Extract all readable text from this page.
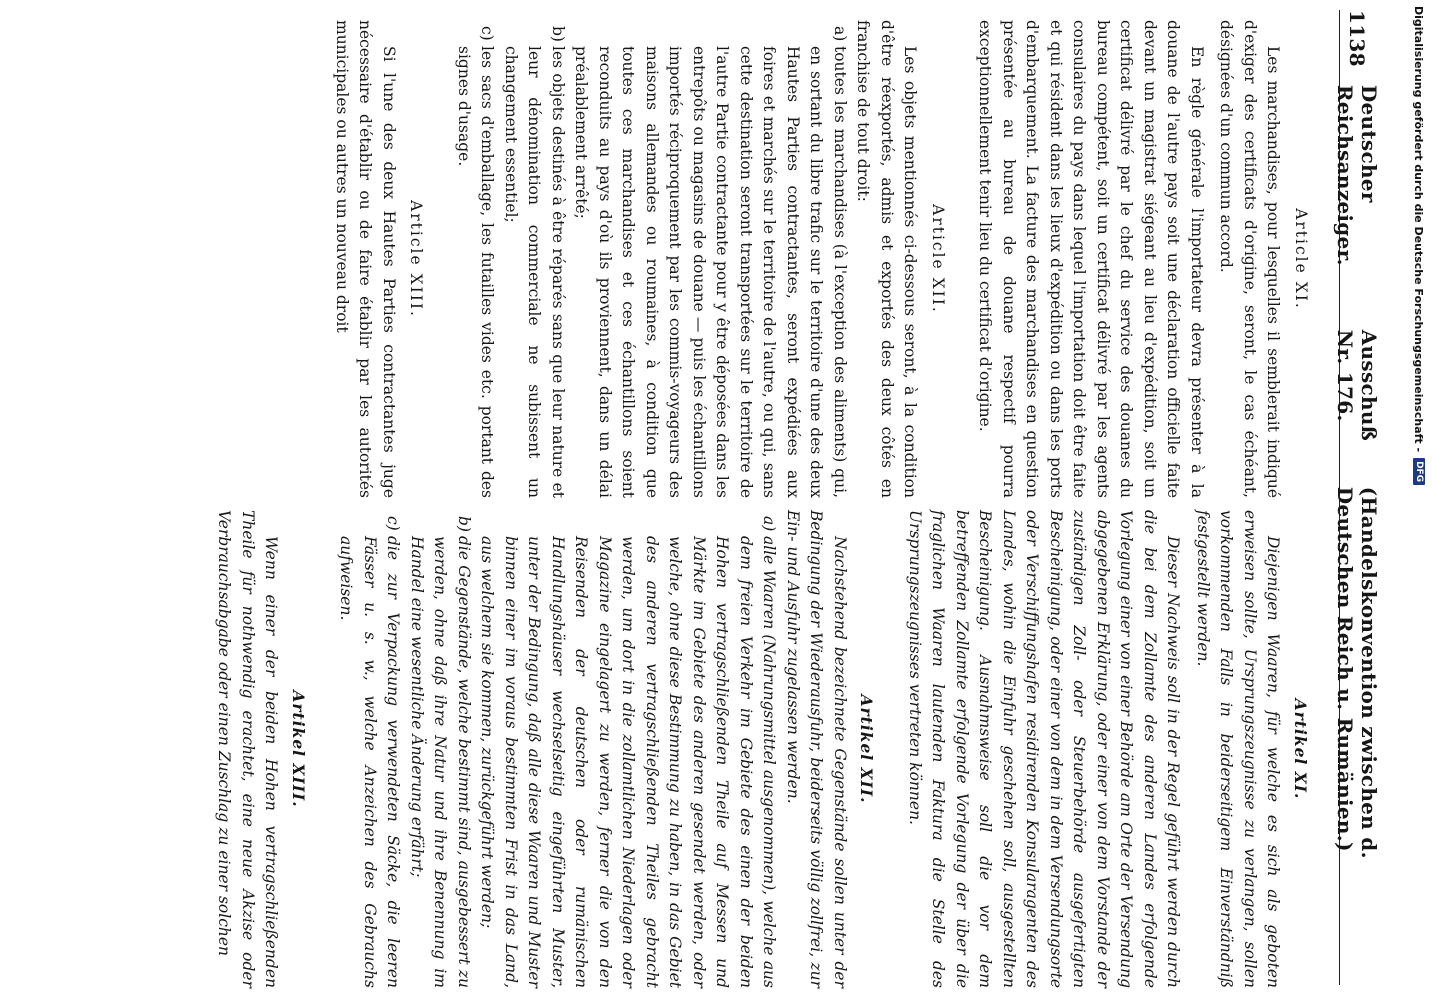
1138
Deutscher Reichsanzeiger.
Ausschuß Nr. 176.
(Handelskonvention zwischen d. Deutschen Reich u. Rumänien.)
Article XI.

Les marchandises, pour lesquelles il semblerait indiqué d'exiger des certificats d'origine, seront, le cas échéant, désignées d'un commun accord.

En règle générale l'importateur devra présenter à la douane de l'autre pays soit une déclaration officielle faite devant un magistrat siégeant au lieu d'expédition, soit un certificat délivré par le chef du service des douanes du bureau compétent, soit un certificat délivré par les agents consulaires du pays dans lequel l'importation doit être faite et qui résident dans les lieux d'expédition ou dans les ports d'embarquement. La facture des marchandises en question présentée au bureau de douane respectif pourra exceptionnellement tenir lieu du certificat d'origine.

Article XII.

Les objets mentionnés ci-dessous seront, à la condition d'être réexportés, admis et exportés des deux côtés en franchise de tout droit:

a)toutes les marchandises (à l'exception des aliments) qui, en sortant du libre trafic sur le territoire d'une des deux Hautes Parties contractantes, seront expédiées aux foires et marchés sur le territoire de l'autre, ou qui, sans cette destination seront transportées sur le territoire de l'autre Partie contractante pour y être déposées dans les entrepôts ou magasins de douane — puis les échantillons importés réciproquement par les commis-voyageurs des maisons allemandes ou roumaines, à condition que toutes ces marchandises et ces échantillons soient reconduits au pays d'où ils proviennent, dans un délai préalablement arrêté;

b)les objets destinés à être réparés sans que leur nature et leur dénomination commerciale ne subissent un changement essentiel;

c)les sacs d'emballage, les futailles vides etc. portant des signes d'usage.

Article XIII.

Si l'une des deux Hautes Parties contractantes juge nécessaire d'établir ou de faire établir par les autorités municipales ou autres un nouveau droit

Artikel XI.

Diejenigen Waaren, für welche es sich als geboten erweisen sollte, Ursprungszeugnisse zu verlangen, sollen vorkommenden Falls in beiderseitigem Einverständniß festgestellt werden.

Dieser Nachweis soll in der Regel geführt werden durch die bei dem Zollamte des anderen Landes erfolgende Vorlegung einer von einer Behörde am Orte der Versendung abgegebenen Erklärung, oder einer von dem Vorstande der zuständigen Zoll- oder Steuerbehörde ausgefertigten Bescheinigung, oder einer von dem in dem Versendungsorte oder Verschiffungshafen residirenden Konsularagenten des Landes, wohin die Einfuhr geschehen soll, ausgestellten Bescheinigung. Ausnahmsweise soll die vor dem betreffenden Zollamte erfolgende Vorlegung der über die fraglichen Waaren lautenden Faktura die Stelle des Ursprungszeugnisses vertreten können.

Artikel XII.

Nachstehend bezeichnete Gegenstände sollen unter der Bedingung der Wiederausfuhr, beiderseits völlig zollfrei, zur Ein- und Ausfuhr zugelassen werden.

a)alle Waaren (Nahrungsmittel ausgenommen), welche aus dem freien Verkehr im Gebiete des einen der beiden Hohen vertragschließenden Theile auf Messen und Märkte im Gebiete des anderen gesendet werden, oder welche, ohne diese Bestimmung zu haben, in das Gebiet des anderen vertragschließenden Theiles gebracht werden, um dort in die zollamtlichen Niederlagen oder Magazine eingelagert zu werden, ferner die von den Reisenden der deutschen oder rumänischen Handlungshäuser wechselseitig eingeführten Muster, unter der Bedingung, daß alle diese Waaren und Muster binnen einer im voraus bestimmten Frist in das Land, aus welchem sie kommen, zurückgeführt werden;

b)die Gegenstände, welche bestimmt sind, ausgebessert zu werden, ohne daß ihre Natur und ihre Benennung im Handel eine wesentliche Änderung erfährt;

c)die zur Verpackung verwendeten Säcke, die leeren Fässer u. s. w., welche Anzeichen des Gebrauchs aufweisen.

Artikel XIII.

Wenn einer der beiden Hohen vertragschließenden Theile für nothwendig erachtet, eine neue Akzise oder Verbrauchsabgabe oder einen Zuschlag zu einer solchen

Digitalisierung gefördert durch die Deutsche Forschungsgemeinschaft -
DFG
